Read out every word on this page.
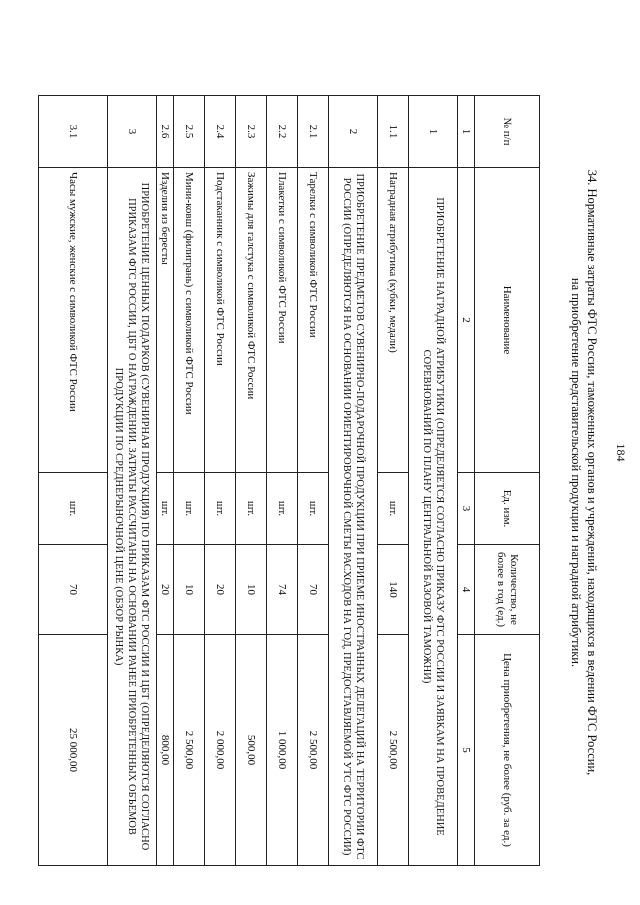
184
34. Нормативные затраты ФТС России, таможенных органов и учреждений, находящихся в ведении ФТС России,
на приобретение представительской продукции и наградной атрибутики.
№ п/п	Наименование	Ед. изм.	Количество, не более в год (ед.)	Цена приобретения, не более (руб. за ед.)
1	2	3	4	5
1	ПРИОБРЕТЕНИЕ НАГРАДНОЙ АТРИБУТИКИ (ОПРЕДЕЛЯЕТСЯ СОГЛАСНО ПРИКАЗУ ФТС РОССИИ И ЗАЯВКАМ НА ПРОВЕДЕНИЕ СОРЕВНОВАНИЙ ПО ПЛАНУ ЦЕНТРАЛЬНОЙ БАЗОВОЙ ТАМОЖНИ)			
1.1	Наградная атрибутика (кубки, медали)	шт.	140	2 500,00
2	ПРИОБРЕТЕНИЕ ПРЕДМЕТОВ СУВЕНИРНО-ПОДАРОЧНОЙ ПРОДУКЦИИ ПРИ ПРИЕМЕ ИНОСТРАННЫХ ДЕЛЕГАЦИЙ НА ТЕРРИТОРИИ ФТС РОССИИ (ОПРЕДЕЛЯЮТСЯ НА ОСНОВАНИИ ОРИЕНТИРОВОЧНОЙ СМЕТЫ РАСХОДОВ НА ГОД, ПРЕДОСТАВЛЯЕМОЙ УТС ФТС РОССИИ)			
2.1	Тарелки с символикой ФТС России	шт.	70	2 500,00
2.2	Плакетки с символикой ФТС России	шт.	74	1 000,00
2.3	Зажимы для галстука с символикой ФТС России	шт.	10	500,00
2.4	Подстаканник с символикой ФТС России	шт.	20	2 000,00
2.5	Мини-ковш (филигрань) с символикой ФТС России	шт.	10	2 500,00
2.6	Изделия из бересты	шт.	20	800,00
3	ПРИОБРЕТЕНИЕ ЦЕННЫХ ПОДАРКОВ (СУВЕНИРНАЯ ПРОДУКЦИЯ) ПО ПРИКАЗАМ ФТС РОССИИ И ЦБТ (ОПРЕДЕЛЯЮТСЯ СОГЛАСНО ПРИКАЗАМ ФТС РОССИИ, ЦБТ О НАГРАЖДЕНИИ. ЗАТРАТЫ РАССЧИТАНЫ НА ОСНОВАНИИ РАНЕЕ ПРИОБРЕТЕННЫХ ОБЪЕМОВ ПРОДУКЦИИ ПО СРЕДНЕРЫНОЧНОЙ ЦЕНЕ (ОБЗОР РЫНКА)			
3.1	Часы мужские, женские с символикой ФТС России	шт.	70	25 000,00
